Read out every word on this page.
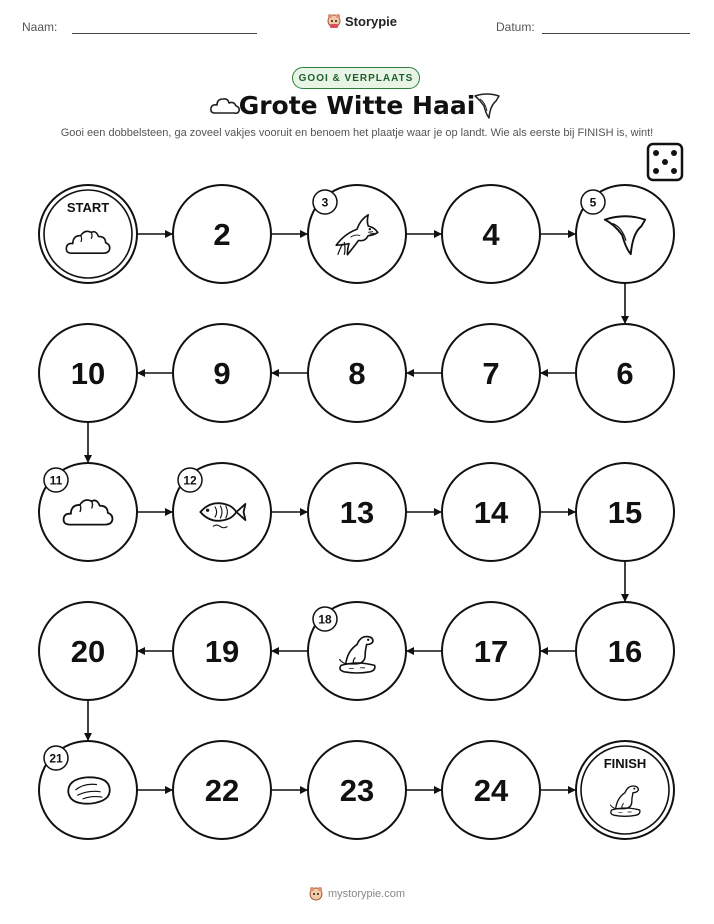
Naam:	Storypie	Datum:
GOOI & VERPLAATS
Grote Witte Haai
Gooi een dobbelsteen, ga zoveel vakjes vooruit en benoem het plaatje waar je op landt. Wie als eerste bij FINISH is, wint!
START
2
3
4
5
6
7
8
9
10
11	12
13	14	15
16
17
18
19
20
21
22	23	24
FINISH
mystorypie.com
